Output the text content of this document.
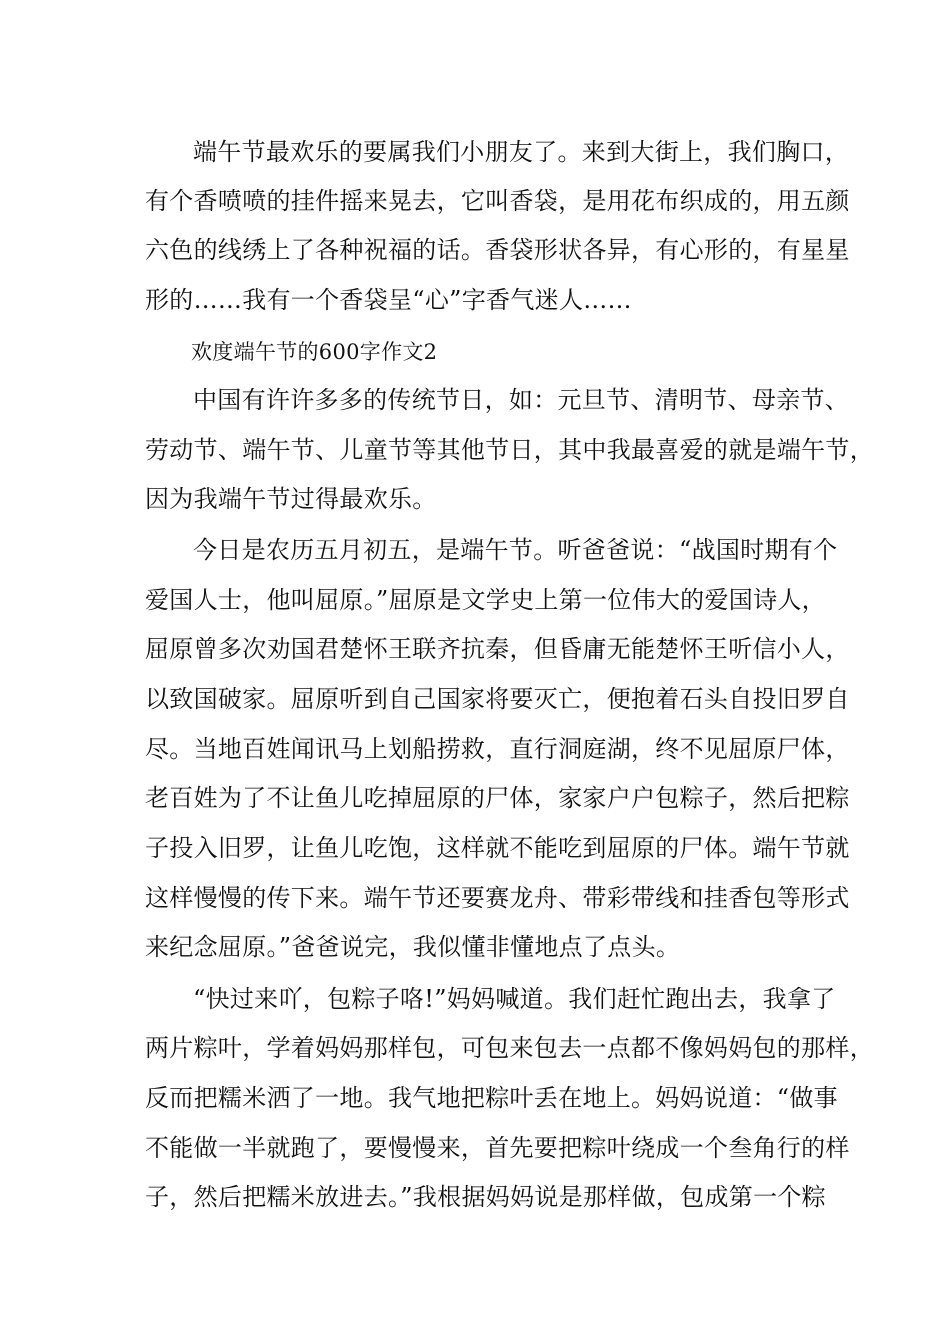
端午节最欢乐的要属我们小朋友了。来到大街上，我们胸口，
有个香喷喷的挂件摇来晃去，它叫香袋，是用花布织成的，用五颜
六色的线绣上了各种祝福的话。香袋形状各异，有心形的，有星星
形的……我有一个香袋呈“心”字香气迷人……
欢度端午节的600字作文2
中国有许许多多的传统节日，如：元旦节、清明节、母亲节、
劳动节、端午节、儿童节等其他节日，其中我最喜爱的就是端午节，
因为我端午节过得最欢乐。
今日是农历五月初五，是端午节。听爸爸说：“战国时期有个
爱国人士，他叫屈原。”屈原是文学史上第一位伟大的爱国诗人，
屈原曾多次劝国君楚怀王联齐抗秦，但昏庸无能楚怀王听信小人，
以致国破家。屈原听到自己国家将要灭亡，便抱着石头自投旧罗自
尽。当地百姓闻讯马上划船捞救，直行洞庭湖，终不见屈原尸体，
老百姓为了不让鱼儿吃掉屈原的尸体，家家户户包粽子，然后把粽
子投入旧罗，让鱼儿吃饱，这样就不能吃到屈原的尸体。端午节就
这样慢慢的传下来。端午节还要赛龙舟、带彩带线和挂香包等形式
来纪念屈原。”爸爸说完，我似懂非懂地点了点头。
“快过来吖，包粽子咯!”妈妈喊道。我们赶忙跑出去，我拿了
两片粽叶，学着妈妈那样包，可包来包去一点都不像妈妈包的那样，
反而把糯米洒了一地。我气地把粽叶丢在地上。妈妈说道：“做事
不能做一半就跑了，要慢慢来，首先要把粽叶绕成一个叁角行的样
子，然后把糯米放进去。”我根据妈妈说是那样做，包成第一个粽
